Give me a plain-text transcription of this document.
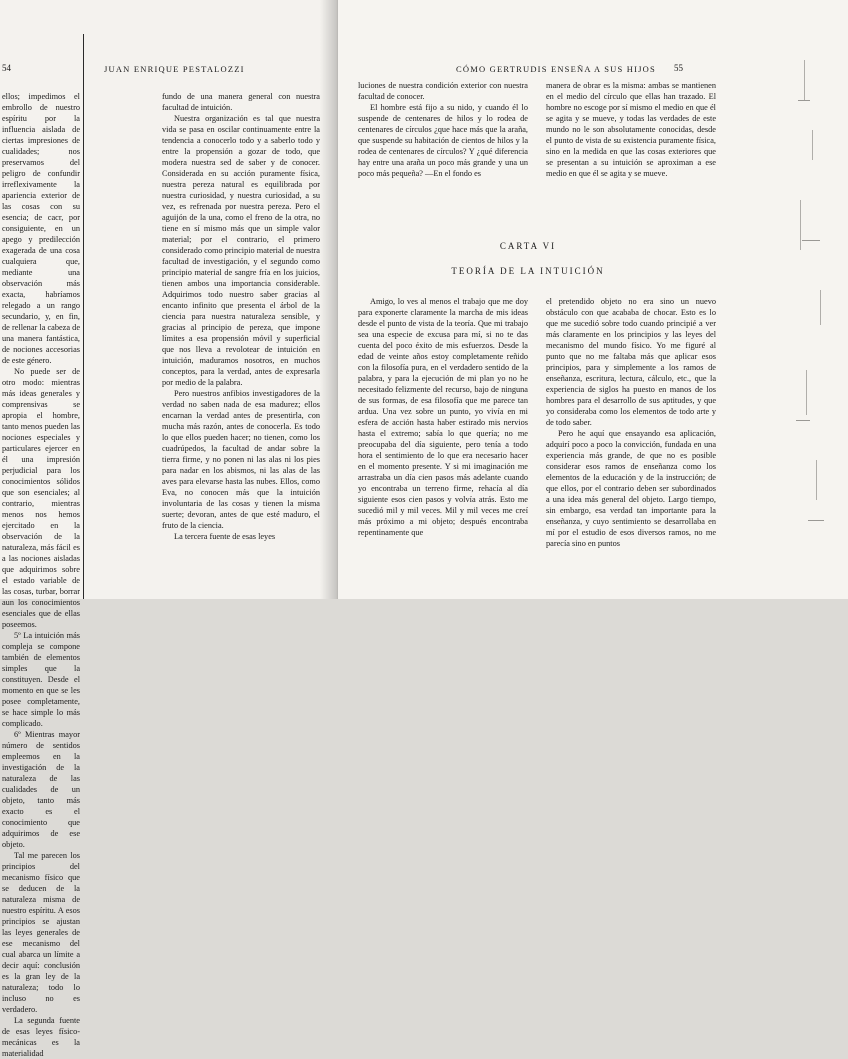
54	JUAN ENRIQUE PESTALOZZI

ellos; impedimos el embrollo de nuestro espíritu por la influencia aislada de ciertas impresiones de cualidades; nos preservamos del peligro de confundir irreflexivamente la apariencia exterior de las cosas con su esencia; de cacr, por consiguiente, en un apego y predilección exagerada de una cosa cualquiera que, mediante una observación más exacta, habríamos relegado a un rango secundario, y, en fin, de rellenar la cabeza de una manera fantástica, de nociones accesorias de este género.

No puede ser de otro modo: mientras más ideas generales y comprensivas se apropia el hombre, tanto menos pueden las nociones especiales y particulares ejercer en él una impresión perjudicial para los conocimientos sólidos que son esenciales; al contrario, mientras menos nos hemos ejercitado en la observación de la naturaleza, más fácil es a las nociones aisladas que adquirimos sobre el estado variable de las cosas, turbar, borrar aun los conocimientos esenciales que de ellas poseemos.

5º La intuición más compleja se compone también de elementos simples que la constituyen. Desde el momento en que se les posee completamente, se hace simple lo más complicado.

6º Mientras mayor número de sentidos empleemos en la investigación de la naturaleza de las cualidades de un objeto, tanto más exacto es el conocimiento que adquirimos de ese objeto.

Tal me parecen los principios del mecanismo físico que se deducen de la naturaleza misma de nuestro espíritu. A esos principios se ajustan las leyes generales de ese mecanismo del cual abarca un límite a decir aquí: conclusión es la gran ley de la naturaleza; todo lo incluso no es verdadero.

La segunda fuente de esas leyes físico-mecánicas es la materialidad

fundo de una manera general con nuestra facultad de intuición.

Nuestra organización es tal que nuestra vida se pasa en oscilar continuamente entre la tendencia a conocerlo todo y a saberlo todo y entre la propensión a gozar de todo, que modera nuestra sed de saber y de conocer. Considerada en su acción puramente física, nuestra pereza natural es equilibrada por nuestra curiosidad, y nuestra curiosidad, a su vez, es refrenada por nuestra pereza. Pero el aguijón de la una, como el freno de la otra, no tiene en sí mismo más que un simple valor material; por el contrario, el primero considerado como principio material de nuestra facultad de investigación, y el segundo como principio material de sangre fría en los juicios, tienen ambos una importancia considerable. Adquirimos todo nuestro saber gracias al encanto infinito que presenta el árbol de la ciencia para nuestra naturaleza sensible, y gracias al principio de pereza, que impone límites a esa propensión móvil y superficial que nos lleva a revolotear de intuición en intuición, maduramos nosotros, en muchos conceptos, para la verdad, antes de expresarla por medio de la palabra.

Pero nuestros anfibios investigadores de la verdad no saben nada de esa madurez; ellos encarnan la verdad antes de presentirla, con mucha más razón, antes de conocerla. Es todo lo que ellos pueden hacer; no tienen, como los cuadrúpedos, la facultad de andar sobre la tierra firme, y no ponen ni las alas ni los pies para nadar en los abismos, ni las alas de las aves para elevarse hasta las nubes. Ellos, como Eva, no conocen más que la intuición involuntaria de las cosas y tienen la misma suerte; devoran, antes de que esté maduro, el fruto de la ciencia.

La tercera fuente de esas leyes

CÓMO GERTRUDIS ENSEÑA A SUS HIJOS 55

luciones de nuestra condición exterior con nuestra facultad de conocer.

El hombre está fijo a su nido, y cuando él lo suspende de centenares de hilos y lo rodea de centenares de círculos ¿que hace más que la araña, que suspende su habitación de cientos de hilos y la rodea de centenares de círculos? Y ¿qué diferencia hay entre una araña un poco más grande y una un poco más pequeña? —En el fondo es

manera de obrar es la misma: ambas se mantienen en el medio del círculo que ellas han trazado. El hombre no escoge por sí mismo el medio en que él se agita y se mueve, y todas las verdades de este mundo no le son absolutamente conocidas, desde el punto de vista de su existencia puramente física, sino en la medida en que las cosas exteriores que se presentan a su intuición se aproximan a ese medio en que él se agita y se mueve.

CARTA VI
TEORÍA DE LA INTUICIÓN

Amigo, lo ves al menos el trabajo que me doy para exponerte claramente la marcha de mis ideas desde el punto de vista de la teoría. Que mi trabajo sea una especie de excusa para mí, si no te das cuenta del poco éxito de mis esfuerzos. Desde la edad de veinte años estoy completamente reñido con la filosofía pura, en el verdadero sentido de la palabra, y para la ejecución de mi plan yo no he necesitado felizmente del recurso, bajo de ninguna de sus formas, de esa filosofía que me parece tan ardua. Una vez sobre un punto, yo vivía en mi esfera de acción hasta haber estirado mis nervios hasta el extremo; sabía lo que quería; no me preocupaba del día siguiente, pero tenía a todo hora el sentimiento de lo que era necesario hacer en el momento presente. Y si mi imaginación me arrastraba un día cien pasos más adelante cuando yo encontraba un terreno firme, rehacía al día siguiente esos cien pasos y volvía atrás. Esto me sucedió mil y mil veces. Mil y mil veces me creí más próximo a mi objeto; después encontraba repentinamente que

el pretendido objeto no era sino un nuevo obstáculo con que acababa de chocar. Esto es lo que me sucedió sobre todo cuando principié a ver más claramente en los principios y las leyes del mecanismo del mundo físico. Yo me figuré al punto que no me faltaba más que aplicar esos principios, para y simplemente a los ramos de enseñanza, escritura, lectura, cálculo, etc., que la experiencia de siglos ha puesto en manos de los hombres para el desarrollo de sus aptitudes, y que yo consideraba como los elementos de todo arte y de todo saber.

Pero he aquí que ensayando esa aplicación, adquirí poco a poco la convicción, fundada en una experiencia más grande, de que no es posible considerar esos ramos de enseñanza como los elementos de la educación y de la instrucción; de que ellos, por el contrario deben ser subordinados a una idea más general del objeto. Largo tiempo, sin embargo, esa verdad tan importante para la enseñanza, y cuyo sentimiento se desarrollaba en mí por el estudio de esos diversos ramos, no me parecía sino en puntos
